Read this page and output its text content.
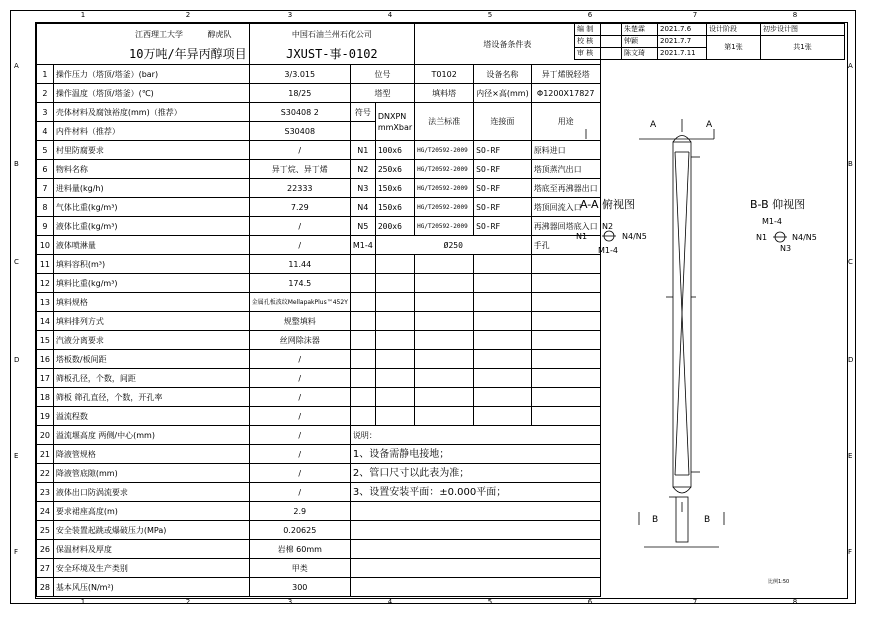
1	2	3	4	5	6	7	8
1	2	3	4	5	6	7	8
A
B
C
D
E
F
A
B
C
D
E
F
江西理工大学 醇虎队		中国石油兰州石化公司			塔设备条件表		
10万吨/年异丙醇项目		JXUST-事-0102					
1	操作压力（塔顶/塔釜）(bar)	3/3.015	位号		T0102	设备名称	异丁烯脱轻塔
2	操作温度（塔顶/塔釜）(℃)	18/25	塔型		填料塔	内径×高(mm)	Φ1200X17827
3	壳体材料及腐蚀裕度(mm)（推荐）	S30408 2	符号	DNXPN mmXbar	法兰标准	连接面	用途
4	内件材料（推荐）	S30408					
5	村里防腐要求	/	N1	100x6	HG/T20592-2009	SO-RF	原料进口
6	物料名称	异丁烷、异丁烯	N2	250x6	HG/T20592-2009	SO-RF	塔顶蒸汽出口
7	进料量(kg/h)	22333	N3	150x6	HG/T20592-2009	SO-RF	塔底至再沸器出口
8	气体比重(kg/m³)	7.29	N4	150x6	HG/T20592-2009	SO-RF	塔顶回流入口
9	液体比重(kg/m³)	/	N5	200x6	HG/T20592-2009	SO-RF	再沸器回塔底入口
10	液体喷淋量	/	M1-4	Ø250			手孔
11	填料容积(m³)	11.44					
12	填料比重(kg/m³)	174.5					
13	填料规格	金属孔板波纹MellapakPlus™452Y					
14	填料排列方式	规整填料					
15	汽液分离要求	丝网除沫器					
16	塔板数/板间距	/					
17	筛板孔径，个数，间距	/					
18	筛板 筛孔直径，个数，开孔率	/					
19	溢流程数	/					
20	溢流堰高度 两侧/中心(mm)	/	说明：				
21	降液管规格	/	1、设备需静电接地；				
22	降液管底隙(mm)	/	2、管口尺寸以此表为准；				
23	液体出口防涡流要求	/	3、设置安装平面：±0.000平面；				
24	要求裙座高度(m)	2.9					
25	安全装置起跳或爆破压力(MPa)	0.20625					
26	保温材料及厚度	岩棉 60mm					
27	安全环境及生产类别	甲类					
28	基本风压(N/m²)	300					
编 制	朱楚霖	2021.7.6	设计阶段	初步设计图
校 核	钟颖	2021.7.7	第1张	共1张
审 核	陈文琦	2021.7.11		
A-A 俯视图	B-B 仰视图
N1
N2
N4/N5
M1-4
M1-4
N1	N4/N5
N3
A	A
B	B
比例1:50
